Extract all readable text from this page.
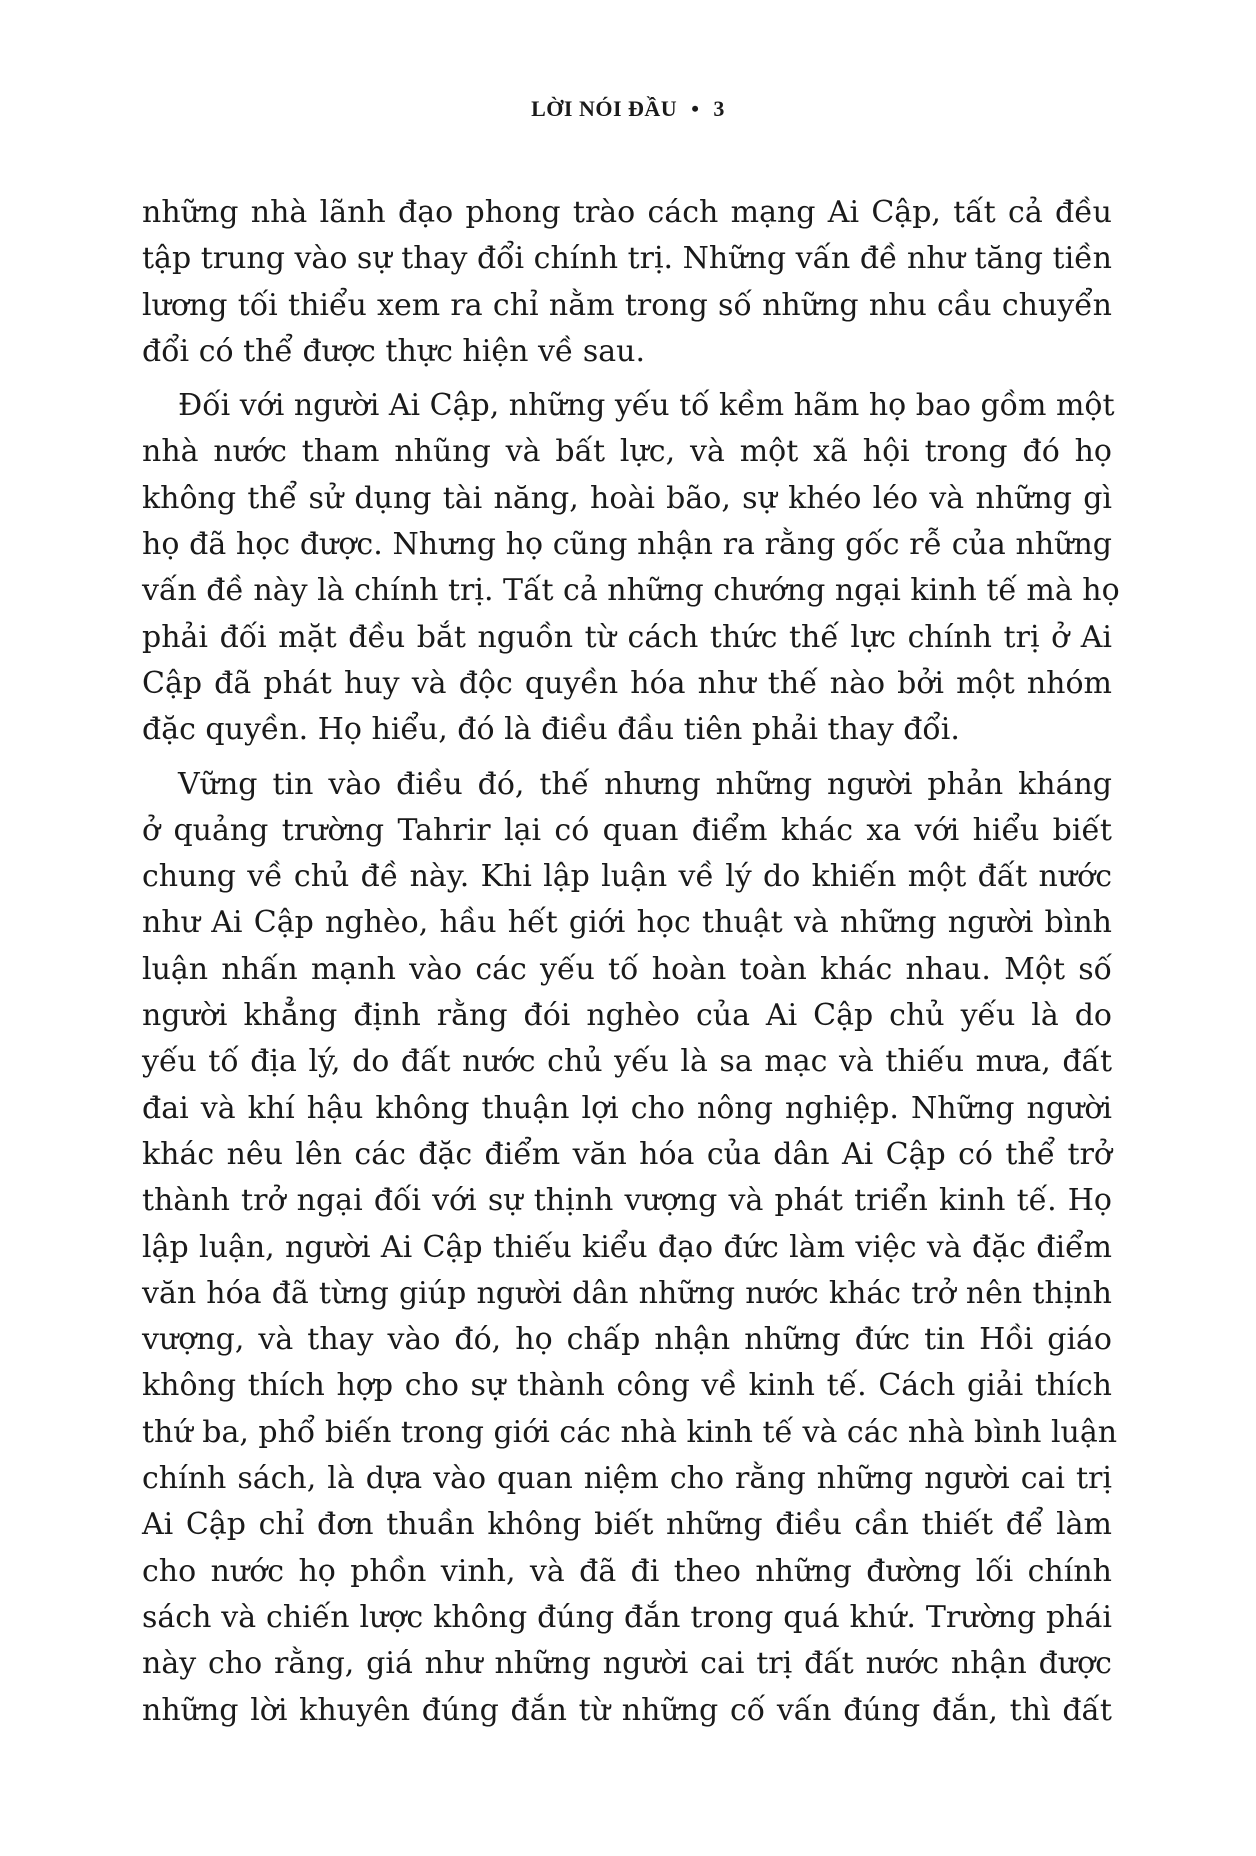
LỜI NÓI ĐẦU • 3
những nhà lãnh đạo phong trào cách mạng Ai Cập, tất cả đều
tập trung vào sự thay đổi chính trị. Những vấn đề như tăng tiền
lương tối thiểu xem ra chỉ nằm trong số những nhu cầu chuyển
đổi có thể được thực hiện về sau.
Đối với người Ai Cập, những yếu tố kềm hãm họ bao gồm một
nhà nước tham nhũng và bất lực, và một xã hội trong đó họ
không thể sử dụng tài năng, hoài bão, sự khéo léo và những gì
họ đã học được. Nhưng họ cũng nhận ra rằng gốc rễ của những
vấn đề này là chính trị. Tất cả những chướng ngại kinh tế mà họ
phải đối mặt đều bắt nguồn từ cách thức thế lực chính trị ở Ai
Cập đã phát huy và độc quyền hóa như thế nào bởi một nhóm
đặc quyền. Họ hiểu, đó là điều đầu tiên phải thay đổi.
Vững tin vào điều đó, thế nhưng những người phản kháng
ở quảng trường Tahrir lại có quan điểm khác xa với hiểu biết
chung về chủ đề này. Khi lập luận về lý do khiến một đất nước
như Ai Cập nghèo, hầu hết giới học thuật và những người bình
luận nhấn mạnh vào các yếu tố hoàn toàn khác nhau. Một số
người khẳng định rằng đói nghèo của Ai Cập chủ yếu là do
yếu tố địa lý, do đất nước chủ yếu là sa mạc và thiếu mưa, đất
đai và khí hậu không thuận lợi cho nông nghiệp. Những người
khác nêu lên các đặc điểm văn hóa của dân Ai Cập có thể trở
thành trở ngại đối với sự thịnh vượng và phát triển kinh tế. Họ
lập luận, người Ai Cập thiếu kiểu đạo đức làm việc và đặc điểm
văn hóa đã từng giúp người dân những nước khác trở nên thịnh
vượng, và thay vào đó, họ chấp nhận những đức tin Hồi giáo
không thích hợp cho sự thành công về kinh tế. Cách giải thích
thứ ba, phổ biến trong giới các nhà kinh tế và các nhà bình luận
chính sách, là dựa vào quan niệm cho rằng những người cai trị
Ai Cập chỉ đơn thuần không biết những điều cần thiết để làm
cho nước họ phồn vinh, và đã đi theo những đường lối chính
sách và chiến lược không đúng đắn trong quá khứ. Trường phái
này cho rằng, giá như những người cai trị đất nước nhận được
những lời khuyên đúng đắn từ những cố vấn đúng đắn, thì đất
